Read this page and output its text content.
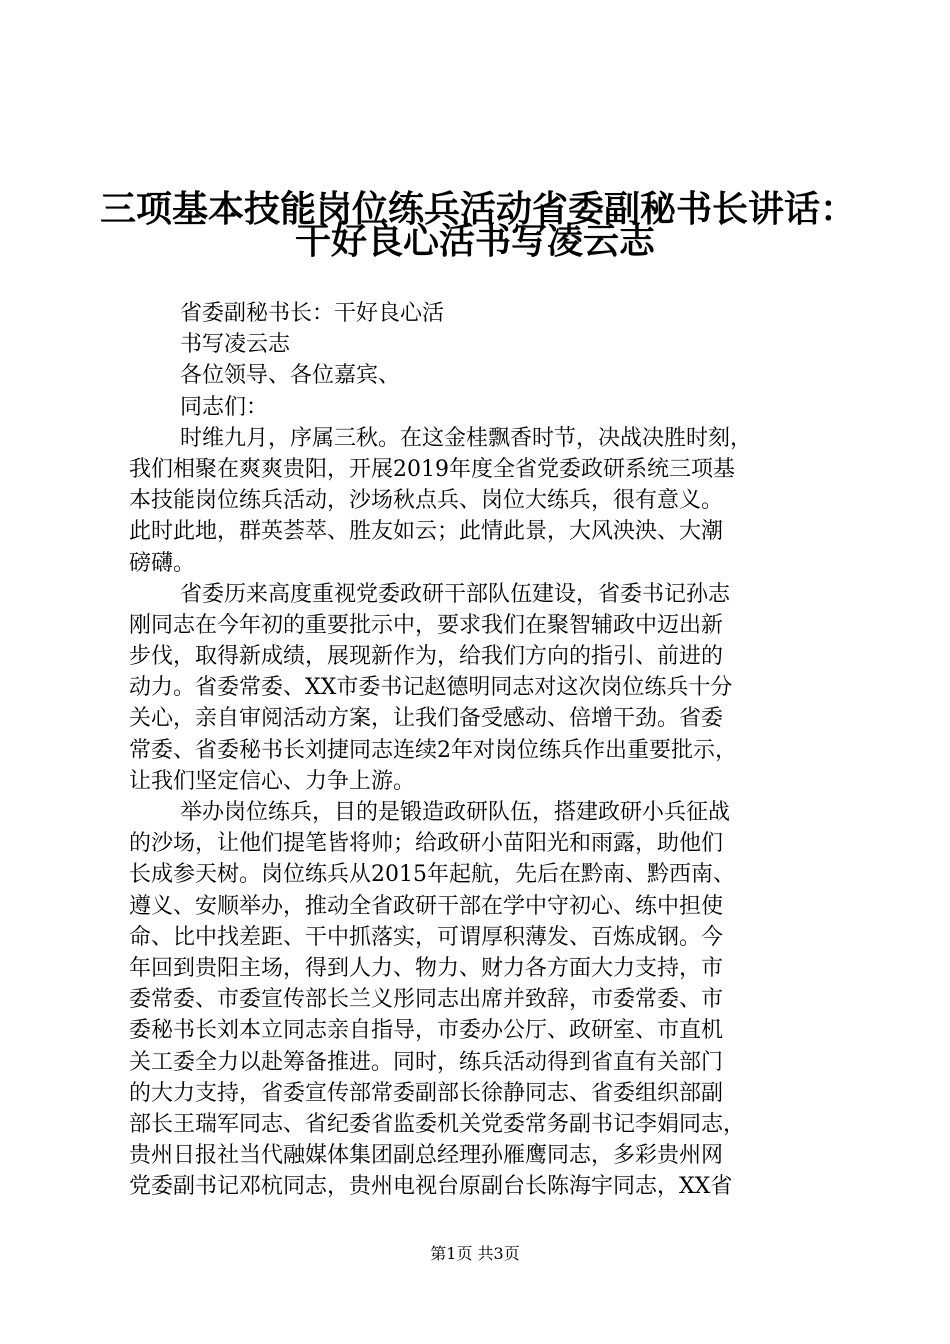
三项基本技能岗位练兵活动省委副秘书长讲话：
干好良心活书写凌云志
省委副秘书长：干好良心活
书写凌云志
各位领导、各位嘉宾、
同志们：
时维九月，序属三秋。在这金桂飘香时节，决战决胜时刻，
我们相聚在爽爽贵阳，开展2019年度全省党委政研系统三项基
本技能岗位练兵活动，沙场秋点兵、岗位大练兵，很有意义。
此时此地，群英荟萃、胜友如云；此情此景，大风泱泱、大潮
磅礴。
省委历来高度重视党委政研干部队伍建设，省委书记孙志
刚同志在今年初的重要批示中，要求我们在聚智辅政中迈出新
步伐，取得新成绩，展现新作为，给我们方向的指引、前进的
动力。省委常委、XX市委书记赵德明同志对这次岗位练兵十分
关心，亲自审阅活动方案，让我们备受感动、倍增干劲。省委
常委、省委秘书长刘捷同志连续2年对岗位练兵作出重要批示，
让我们坚定信心、力争上游。
举办岗位练兵，目的是锻造政研队伍，搭建政研小兵征战
的沙场，让他们提笔皆将帅；给政研小苗阳光和雨露，助他们
长成参天树。岗位练兵从2015年起航，先后在黔南、黔西南、
遵义、安顺举办，推动全省政研干部在学中守初心、练中担使
命、比中找差距、干中抓落实，可谓厚积薄发、百炼成钢。今
年回到贵阳主场，得到人力、物力、财力各方面大力支持，市
委常委、市委宣传部长兰义彤同志出席并致辞，市委常委、市
委秘书长刘本立同志亲自指导，市委办公厅、政研室、市直机
关工委全力以赴筹备推进。同时，练兵活动得到省直有关部门
的大力支持，省委宣传部常委副部长徐静同志、省委组织部副
部长王瑞军同志、省纪委省监委机关党委常务副书记李娟同志，
贵州日报社当代融媒体集团副总经理孙雁鹰同志，多彩贵州网
党委副书记邓杭同志，贵州电视台原副台长陈海宇同志，XX省
第1页 共3页
